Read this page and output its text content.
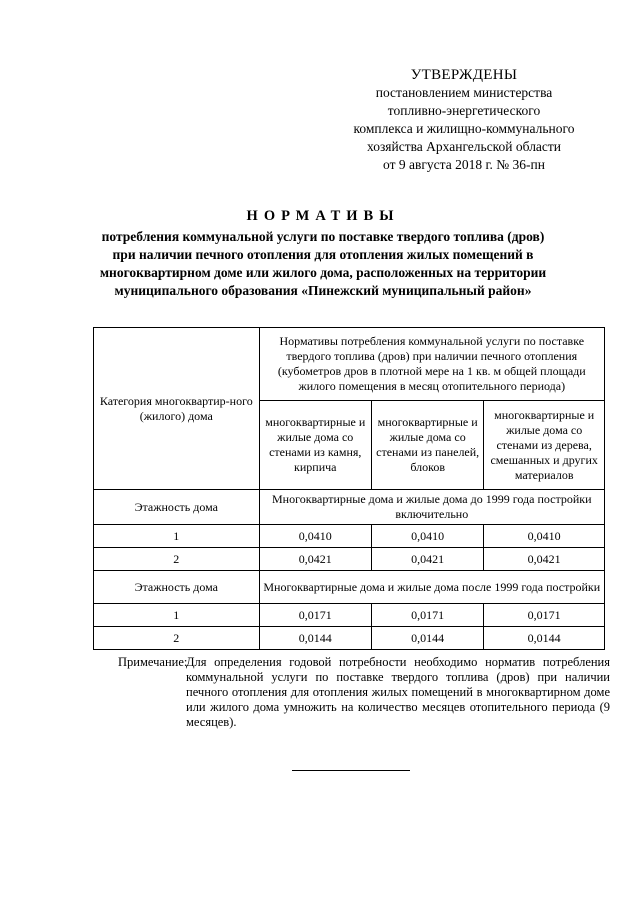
УТВЕРЖДЕНЫ
постановлением министерства
топливно-энергетического
комплекса и жилищно-коммунального
хозяйства Архангельской области
от 9 августа 2018 г. № 36-пн
НОРМАТИВЫ
потребления коммунальной услуги по поставке твердого топлива (дров)
при наличии печного отопления для отопления жилых помещений в
многоквартирном доме или жилого дома, расположенных на территории
муниципального образования «Пинежский муниципальный район»
Категория многоквартир-ного (жилого) дома	Нормативы потребления коммунальной услуги по поставке твердого топлива (дров) при наличии печного отопления (кубометров дров в плотной мере на 1 кв. м общей площади жилого помещения в месяц отопительного периода)		
	многоквартирные и жилые дома со стенами из камня, кирпича	многоквартирные и жилые дома со стенами из панелей, блоков	многоквартирные и жилые дома со стенами из дерева, смешанных и других материалов
Этажность дома	Многоквартирные дома и жилые дома до 1999 года постройки включительно		
1	0,0410	0,0410	0,0410
2	0,0421	0,0421	0,0421
Этажность дома	Многоквартирные дома и жилые дома после 1999 года постройки		
1	0,0171	0,0171	0,0171
2	0,0144	0,0144	0,0144
Примечание:
Для определения годовой потребности необходимо норматив потребления коммунальной услуги по поставке твердого топлива (дров) при наличии печного отопления для отопления жилых помещений в многоквартирном доме или жилого дома умножить на количество месяцев отопительного периода (9 месяцев).
